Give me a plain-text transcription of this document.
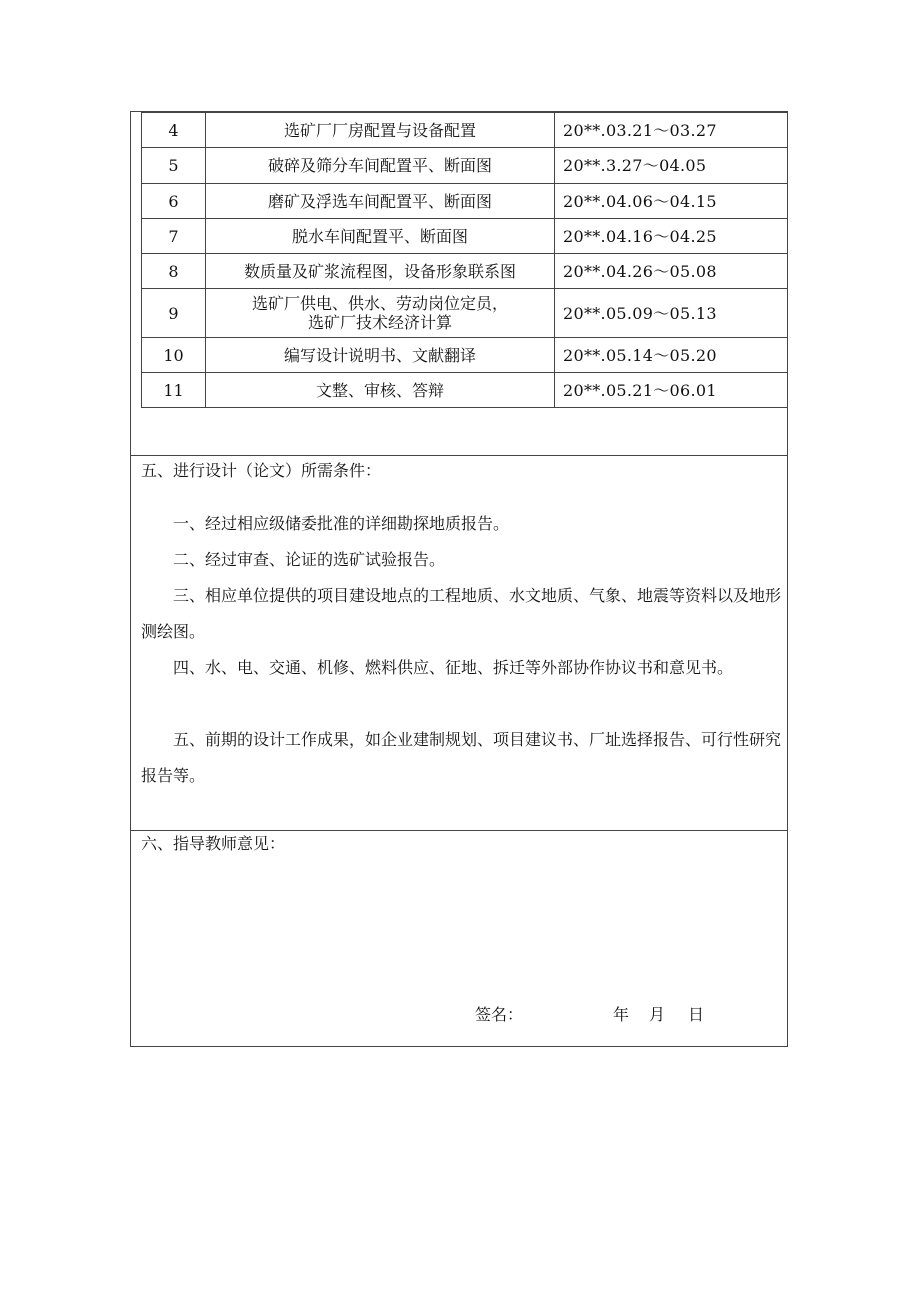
4	选矿厂厂房配置与设备配置	20**.03.21～03.27
5	破碎及筛分车间配置平、断面图	20**.3.27～04.05
6	磨矿及浮选车间配置平、断面图	20**.04.06～04.15
7	脱水车间配置平、断面图	20**.04.16～04.25
8	数质量及矿浆流程图，设备形象联系图	20**.04.26～05.08
9	选矿厂供电、供水、劳动岗位定员，
选矿厂技术经济计算	20**.05.09～05.13
10	编写设计说明书、文献翻译	20**.05.14～05.20
11	文整、审核、答辩	20**.05.21～06.01
五、进行设计（论文）所需条件：
一、经过相应级储委批准的详细勘探地质报告。
二、经过审查、论证的选矿试验报告。
三、相应单位提供的项目建设地点的工程地质、水文地质、气象、地震等资料以及地形测绘图。
四、水、电、交通、机修、燃料供应、征地、拆迁等外部协作协议书和意见书。
五、前期的设计工作成果，如企业建制规划、项目建议书、厂址选择报告、可行性研究报告等。
六、指导教师意见：
签名：	年 月 日
